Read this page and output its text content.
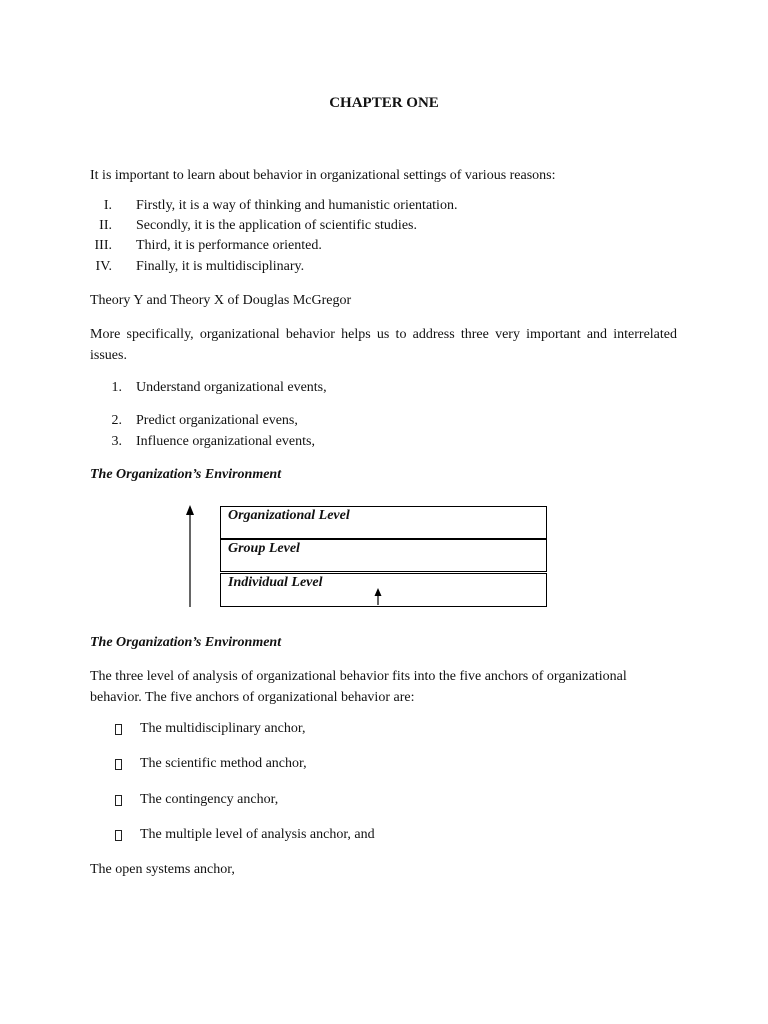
CHAPTER ONE
It is important to learn about behavior in organizational settings of various reasons:
I. Firstly, it is a way of thinking and humanistic orientation.
II. Secondly, it is the application of scientific studies.
III. Third, it is performance oriented.
IV. Finally, it is multidisciplinary.
Theory Y and Theory X of Douglas McGregor
More specifically, organizational behavior helps us to address three very important and interrelated issues.
1. Understand organizational events,
2. Predict organizational evens,
3. Influence organizational events,
The Organization’s Environment
Organizational Level
Group Level
Individual Level
The Organization’s Environment
The three level of analysis of organizational behavior fits into the five anchors of organizational behavior. The five anchors of organizational behavior are:
The multidisciplinary anchor,
The scientific method anchor,
The contingency anchor,
The multiple level of analysis anchor, and
The open systems anchor,
